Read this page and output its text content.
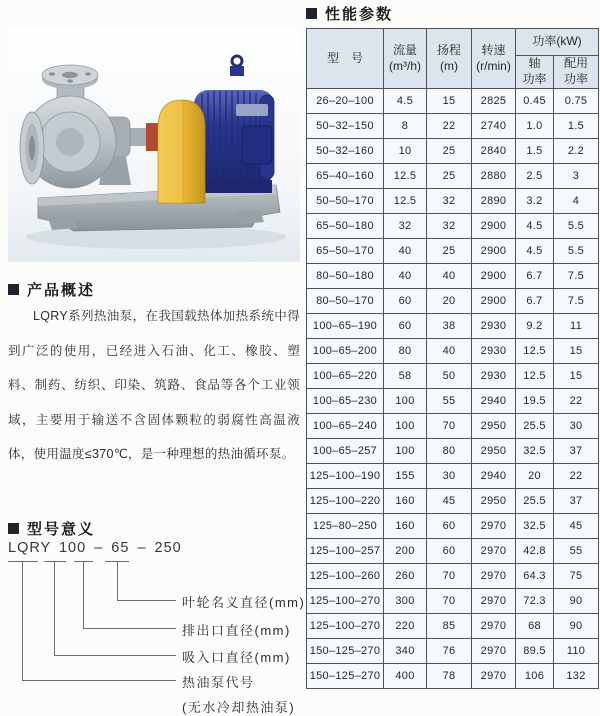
产品概述

LQRY系列热油泵，在我国载热体加热系统中得到广泛的使用，已经进入石油、化工、橡胶、塑料、制药、纺织、印染、筑路、食品等各个工业领域，主要用于输送不含固体颗粒的弱腐性高温液体，使用温度≤370℃，是一种理想的热油循环泵。

型号意义
LQRY 100 – 65 – 250
叶轮名义直径(mm)
排出口直径(mm)
吸入口直径(mm)
热油泵代号
(无水冷却热油泵)
性能参数
型　号	
流量
(m³/h)

扬程
(m)

转速
(r/min)
	功率(kW)

轴
功率

配用
功率

26–20–100	4.5	15	2825	0.45	0.75
50–32–150	8	22	2740	1.0	1.5
50–32–160	10	25	2840	1.5	2.2
65–40–160	12.5	25	2880	2.5	3
50–50–170	12.5	32	2890	3.2	4
65–50–180	32	32	2900	4.5	5.5
65–50–170	40	25	2900	4.5	5.5
80–50–180	40	40	2900	6.7	7.5
80–50–170	60	20	2900	6.7	7.5
100–65–190	60	38	2930	9.2	11
100–65–200	80	40	2930	12.5	15
100–65–220	58	50	2930	12.5	15
100–65–230	100	55	2940	19.5	22
100–65–240	100	70	2950	25.5	30
100–65–257	100	80	2950	32.5	37
125–100–190	155	30	2940	20	22
125–100–220	160	45	2950	25.5	37
125–80–250	160	60	2970	32.5	45
125–100–257	200	60	2970	42.8	55
125–100–260	260	70	2970	64.3	75
125–100–270	300	70	2970	72.3	90
125–100–270	220	85	2970	68	90
150–125–270	340	76	2970	89.5	110
150–125–270	400	78	2970	106	132
